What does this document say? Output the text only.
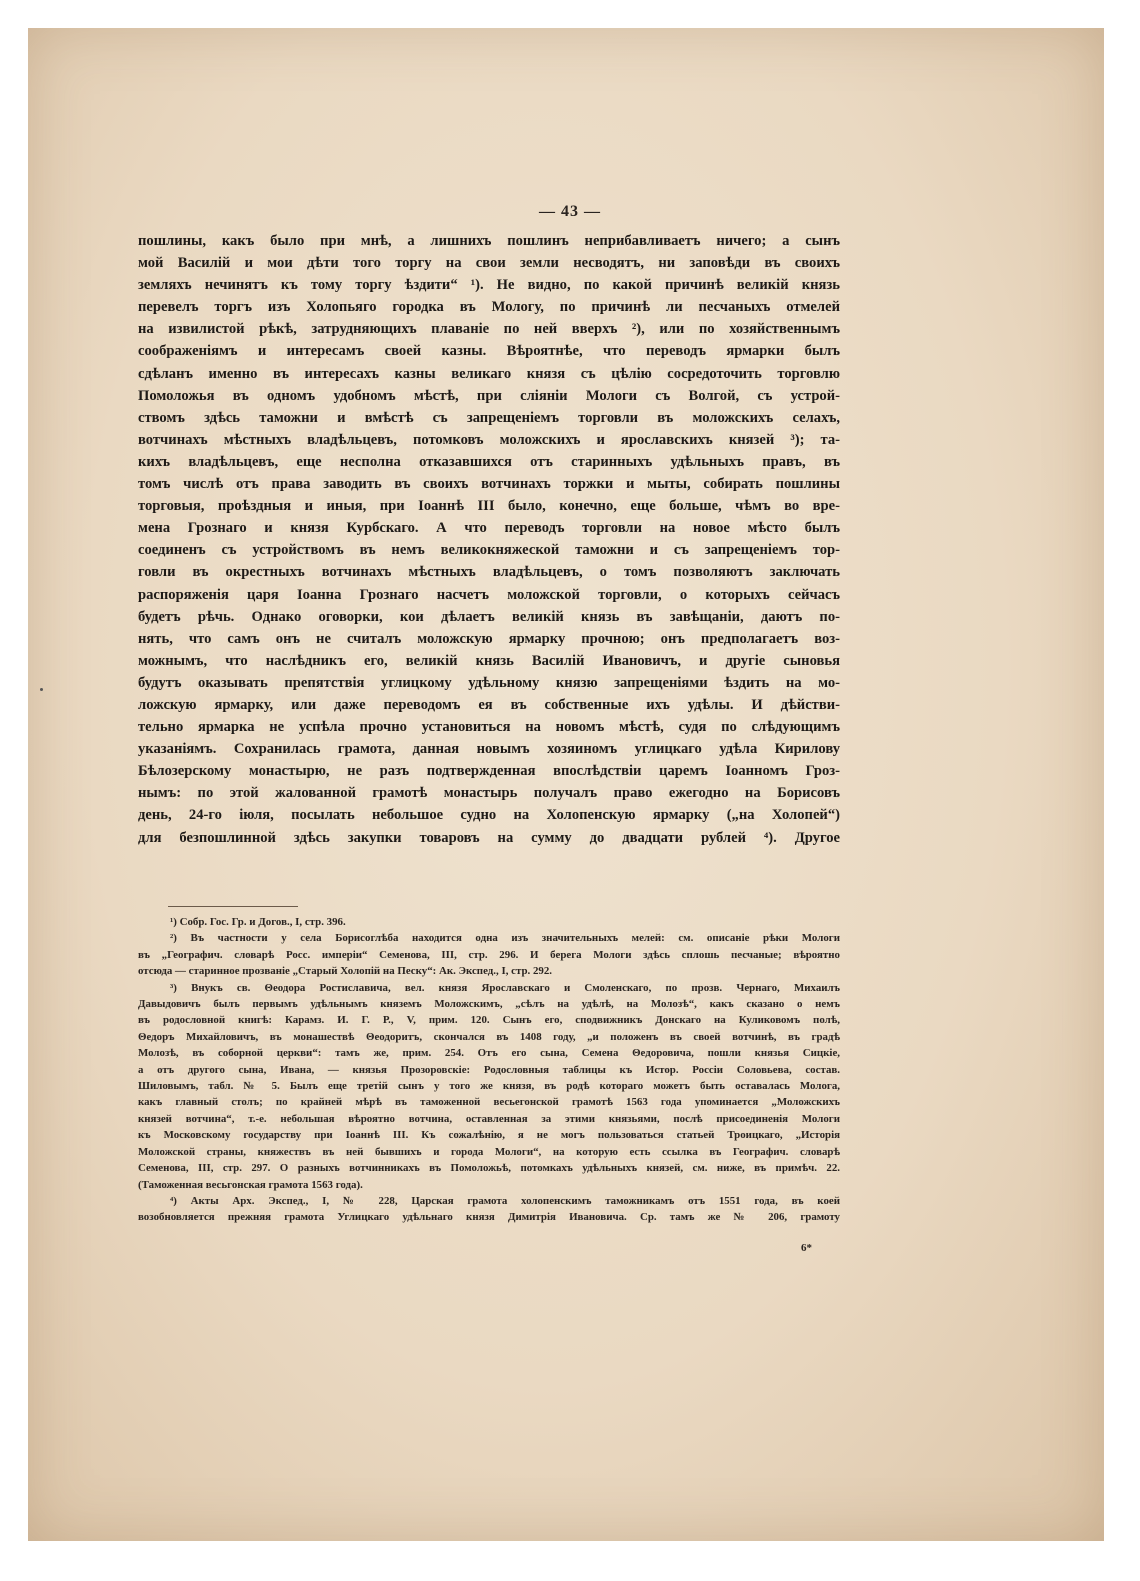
— 43 —
пошлины, какъ было при мнѣ, а лишнихъ пошлинъ неприбавливаетъ ничего; а сынъ
мой Василiй и мои дѣти того торгу на свои земли несводятъ, ни заповѣди въ своихъ
земляхъ нечинятъ къ тому торгу ѣздити“ ¹). Не видно, по какой причинѣ великiй князь
перевелъ торгъ изъ Холопьяго городка въ Мологу, по причинѣ ли песчаныхъ отмелей
на извилистой рѣкѣ, затрудняющихъ плаванiе по ней вверхъ ²), или по хозяйственнымъ
соображенiямъ и интересамъ своей казны. Вѣроятнѣе, что переводъ ярмарки былъ
сдѣланъ именно въ интересахъ казны великаго князя съ цѣлiю сосредоточить торговлю
Помоложья въ одномъ удобномъ мѣстѣ, при слiянiи Мологи съ Волгой, съ устрой-
ствомъ здѣсь таможни и вмѣстѣ съ запрещенiемъ торговли въ моложскихъ селахъ,
вотчинахъ мѣстныхъ владѣльцевъ, потомковъ моложскихъ и ярославскихъ князей ³); та-
кихъ владѣльцевъ, еще несполна отказавшихся отъ старинныхъ удѣльныхъ правъ, въ
томъ числѣ отъ права заводить въ своихъ вотчинахъ торжки и мыты, собирать пошлины
торговыя, проѣздныя и иныя, при Iоаннѣ III было, конечно, еще больше, чѣмъ во вре-
мена Грознаго и князя Курбскаго. А что переводъ торговли на новое мѣсто былъ
соединенъ съ устройствомъ въ немъ великокняжеской таможни и съ запрещенiемъ тор-
говли въ окрестныхъ вотчинахъ мѣстныхъ владѣльцевъ, о томъ позволяютъ заключать
распоряженiя царя Iоанна Грознаго насчетъ моложской торговли, о которыхъ сейчасъ
будетъ рѣчь. Однако оговорки, кои дѣлаетъ великiй князь въ завѣщанiи, даютъ по-
нять, что самъ онъ не считалъ моложскую ярмарку прочною; онъ предполагаетъ воз-
можнымъ, что наслѣдникъ его, великiй князь Василiй Ивановичъ, и другiе сыновья
будутъ оказывать препятствiя углицкому удѣльному князю запрещенiями ѣздить на мо-
ложскую ярмарку, или даже переводомъ ея въ собственные ихъ удѣлы. И дѣйстви-
тельно ярмарка не успѣла прочно установиться на новомъ мѣстѣ, судя по слѣдующимъ
указанiямъ. Сохранилась грамота, данная новымъ хозяиномъ углицкаго удѣла Кирилову
Бѣлозерскому монастырю, не разъ подтвержденная впослѣдствiи царемъ Iоанномъ Гроз-
нымъ: по этой жалованной грамотѣ монастырь получалъ право ежегодно на Борисовъ
день, 24-го iюля, посылать небольшое судно на Холопенскую ярмарку („на Холопей“)
для безпошлинной здѣсь закупки товаровъ на сумму до двадцати рублей ⁴). Другое
¹) Собр. Гос. Гр. и Догов., I, стр. 396.
²) Въ частности у села Борисоглѣба находится одна изъ значительныхъ мелей: см. описанiе рѣки Мологи
въ „Географич. словарѣ Росс. имперiи“ Семенова, III, стр. 296. И берега Мологи здѣсь сплошь песчаные; вѣроятно
отсюда — старинное прозванiе „Старый Холопiй на Песку“: Ак. Экспед., I, стр. 292.
³) Внукъ св. Θеодора Ростиславича, вел. князя Ярославскаго и Смоленскаго, по прозв. Чернаго, Михаилъ
Давыдовичъ былъ первымъ удѣльнымъ княземъ Моложскимъ, „сѣлъ на удѣлѣ, на Молозѣ“, какъ сказано о немъ
въ родословной книгѣ: Карамз. И. Г. Р., V, прим. 120. Сынъ его, сподвижникъ Донскаго на Куликовомъ полѣ,
Θедоръ Михайловичъ, въ монашествѣ Θеодоритъ, скончался въ 1408 году, „и положенъ въ своей вотчинѣ, въ градѣ
Молозѣ, въ соборной церкви“: тамъ же, прим. 254. Отъ его сына, Семена Θедоровича, пошли князья Сицкiе,
а отъ другого сына, Ивана, — князья Прозоровскiе: Родословныя таблицы къ Истор. Россiи Соловьева, состав.
Шиловымъ, табл. № 5. Былъ еще третiй сынъ у того же князя, въ родѣ котораго можетъ быть оставалась Молога,
какъ главный столъ; по крайней мѣрѣ въ таможенной весьегонской грамотѣ 1563 года упоминается „Моложскихъ
князей вотчина“, т.-е. небольшая вѣроятно вотчина, оставленная за этими князьями, послѣ присоединенiя Мологи
къ Московскому государству при Iоаннѣ III. Къ сожалѣнiю, я не могъ пользоваться статьей Троицкаго, „Исторiя
Моложской страны, княжествъ въ ней бывшихъ и города Мологи“, на которую есть ссылка въ Географич. словарѣ
Семенова, III, стр. 297. О разныхъ вотчинникахъ въ Помоложьѣ, потомкахъ удѣльныхъ князей, см. ниже, въ примѣч. 22.
(Таможенная весьгонская грамота 1563 года).
⁴) Акты Арх. Экспед., I, № 228, Царская грамота холопенскимъ таможникамъ отъ 1551 года, въ коей
возобновляется прежняя грамота Углицкаго удѣльнаго князя Димитрiя Ивановича. Ср. тамъ же № 206, грамоту
6*
